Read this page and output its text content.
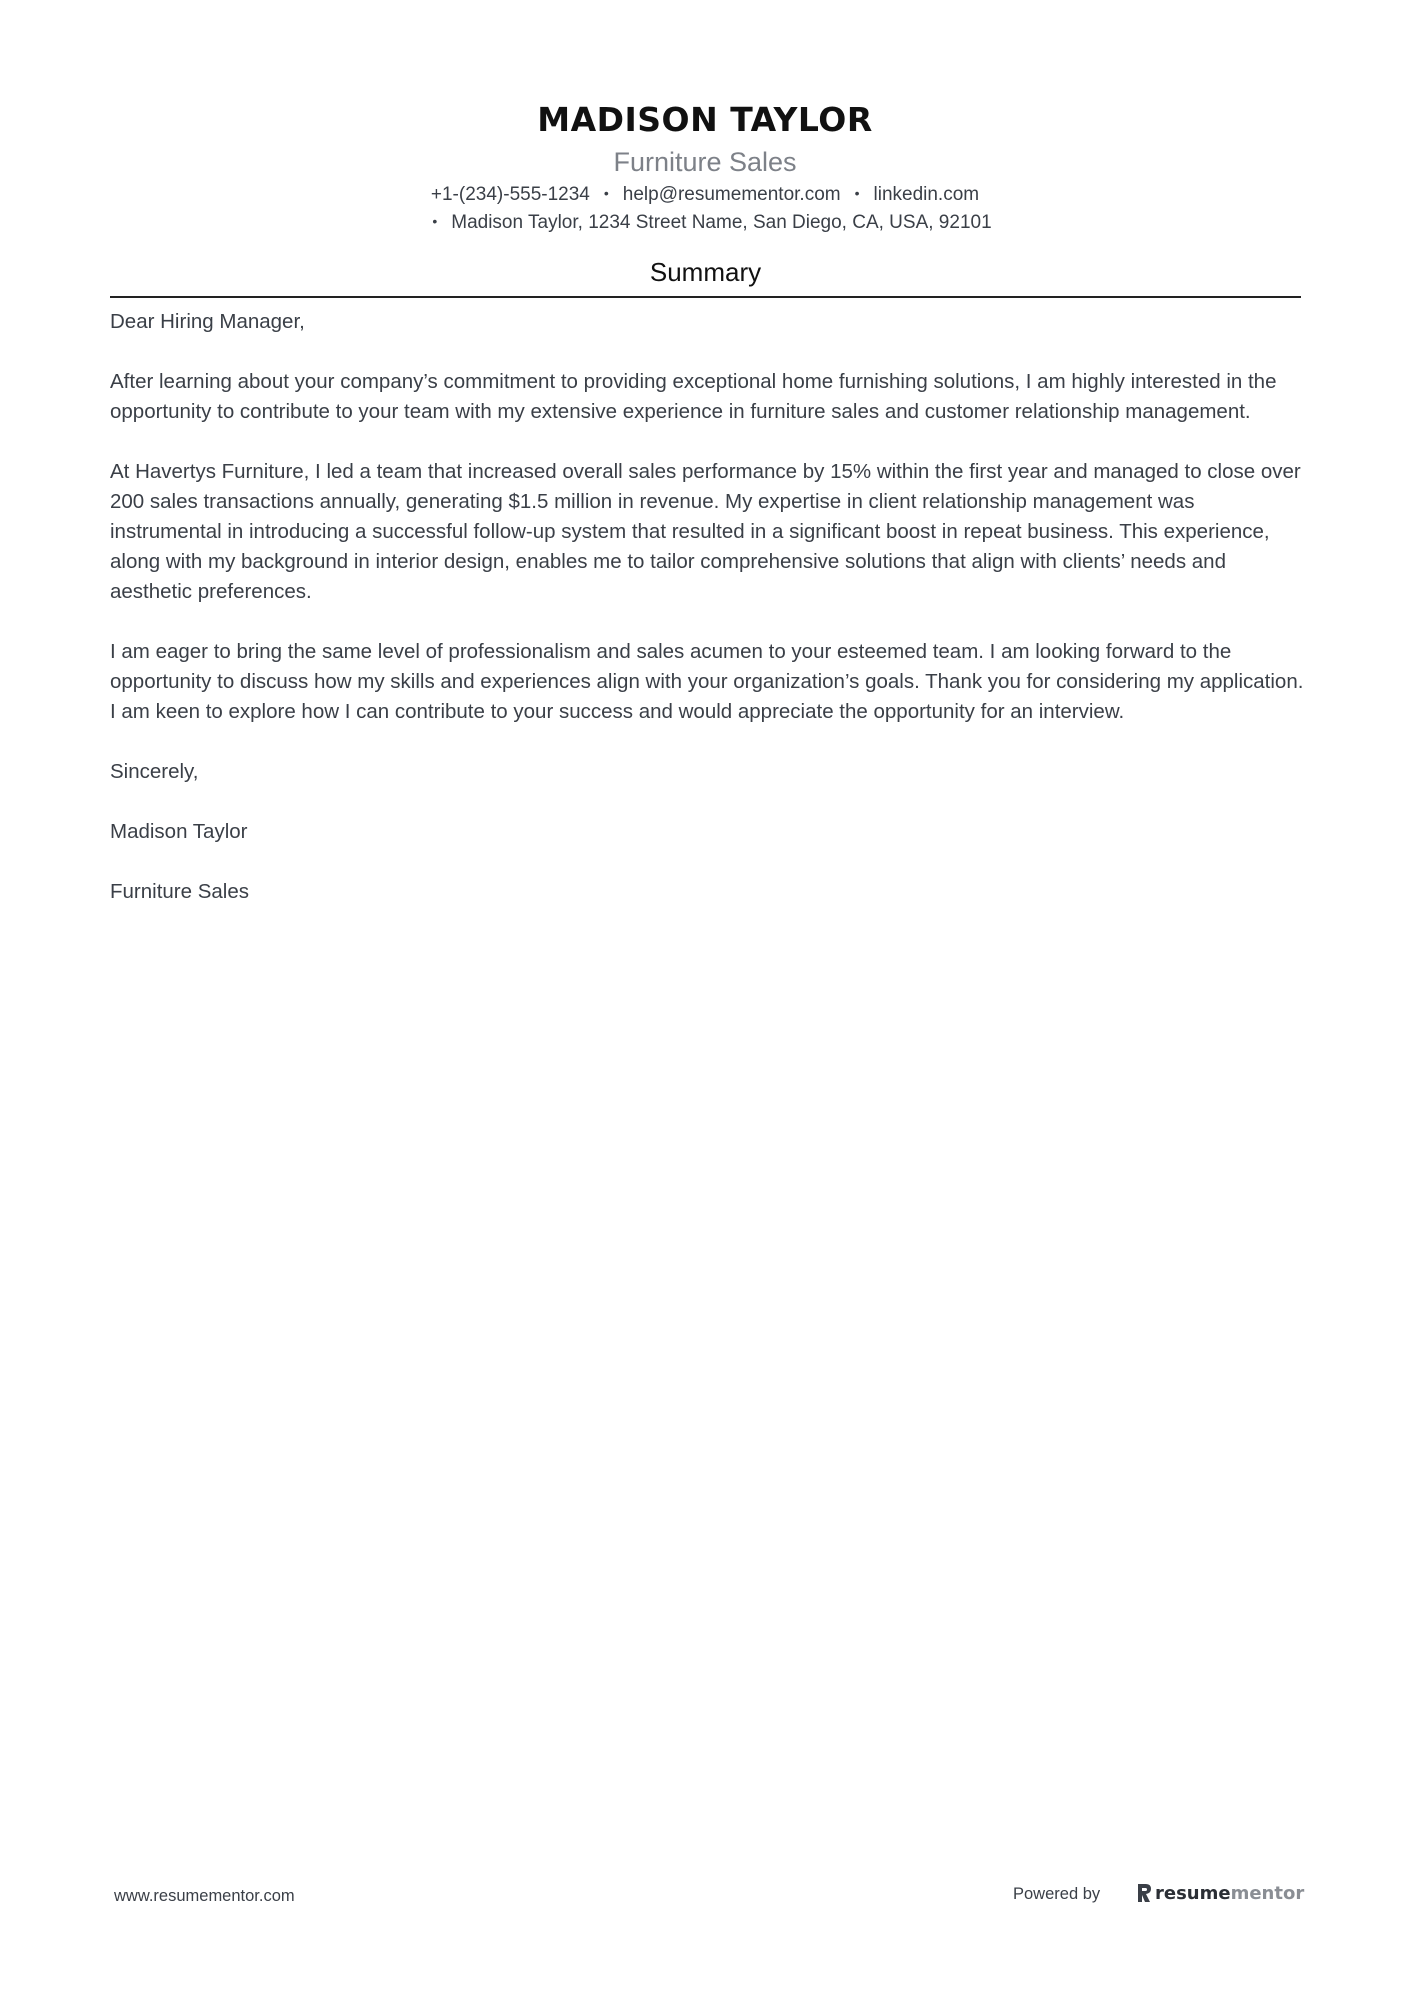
MADISON TAYLOR

Furniture Sales

+1-(234)-555-1234 • help@resumementor.com • linkedin.com

• Madison Taylor, 1234 Street Name, San Diego, CA, USA, 92101

Summary

Dear Hiring Manager,

After learning about your company’s commitment to providing exceptional home furnishing solutions, I am highly interested in the opportunity to contribute to your team with my extensive experience in furniture sales and customer relationship management.

At Havertys Furniture, I led a team that increased overall sales performance by 15% within the first year and managed to close over 200 sales transactions annually, generating $1.5 million in revenue. My expertise in client relationship management was instrumental in introducing a successful follow-up system that resulted in a significant boost in repeat business. This experience, along with my background in interior design, enables me to tailor comprehensive solutions that align with clients’ needs and aesthetic preferences.

I am eager to bring the same level of professionalism and sales acumen to your esteemed team. I am looking forward to the opportunity to discuss how my skills and experiences align with your organization’s goals. Thank you for considering my application. I am keen to explore how I can contribute to your success and would appreciate the opportunity for an interview.

Sincerely,

Madison Taylor

Furniture Sales

www.resumementor.com	Powered by	resume mentor
